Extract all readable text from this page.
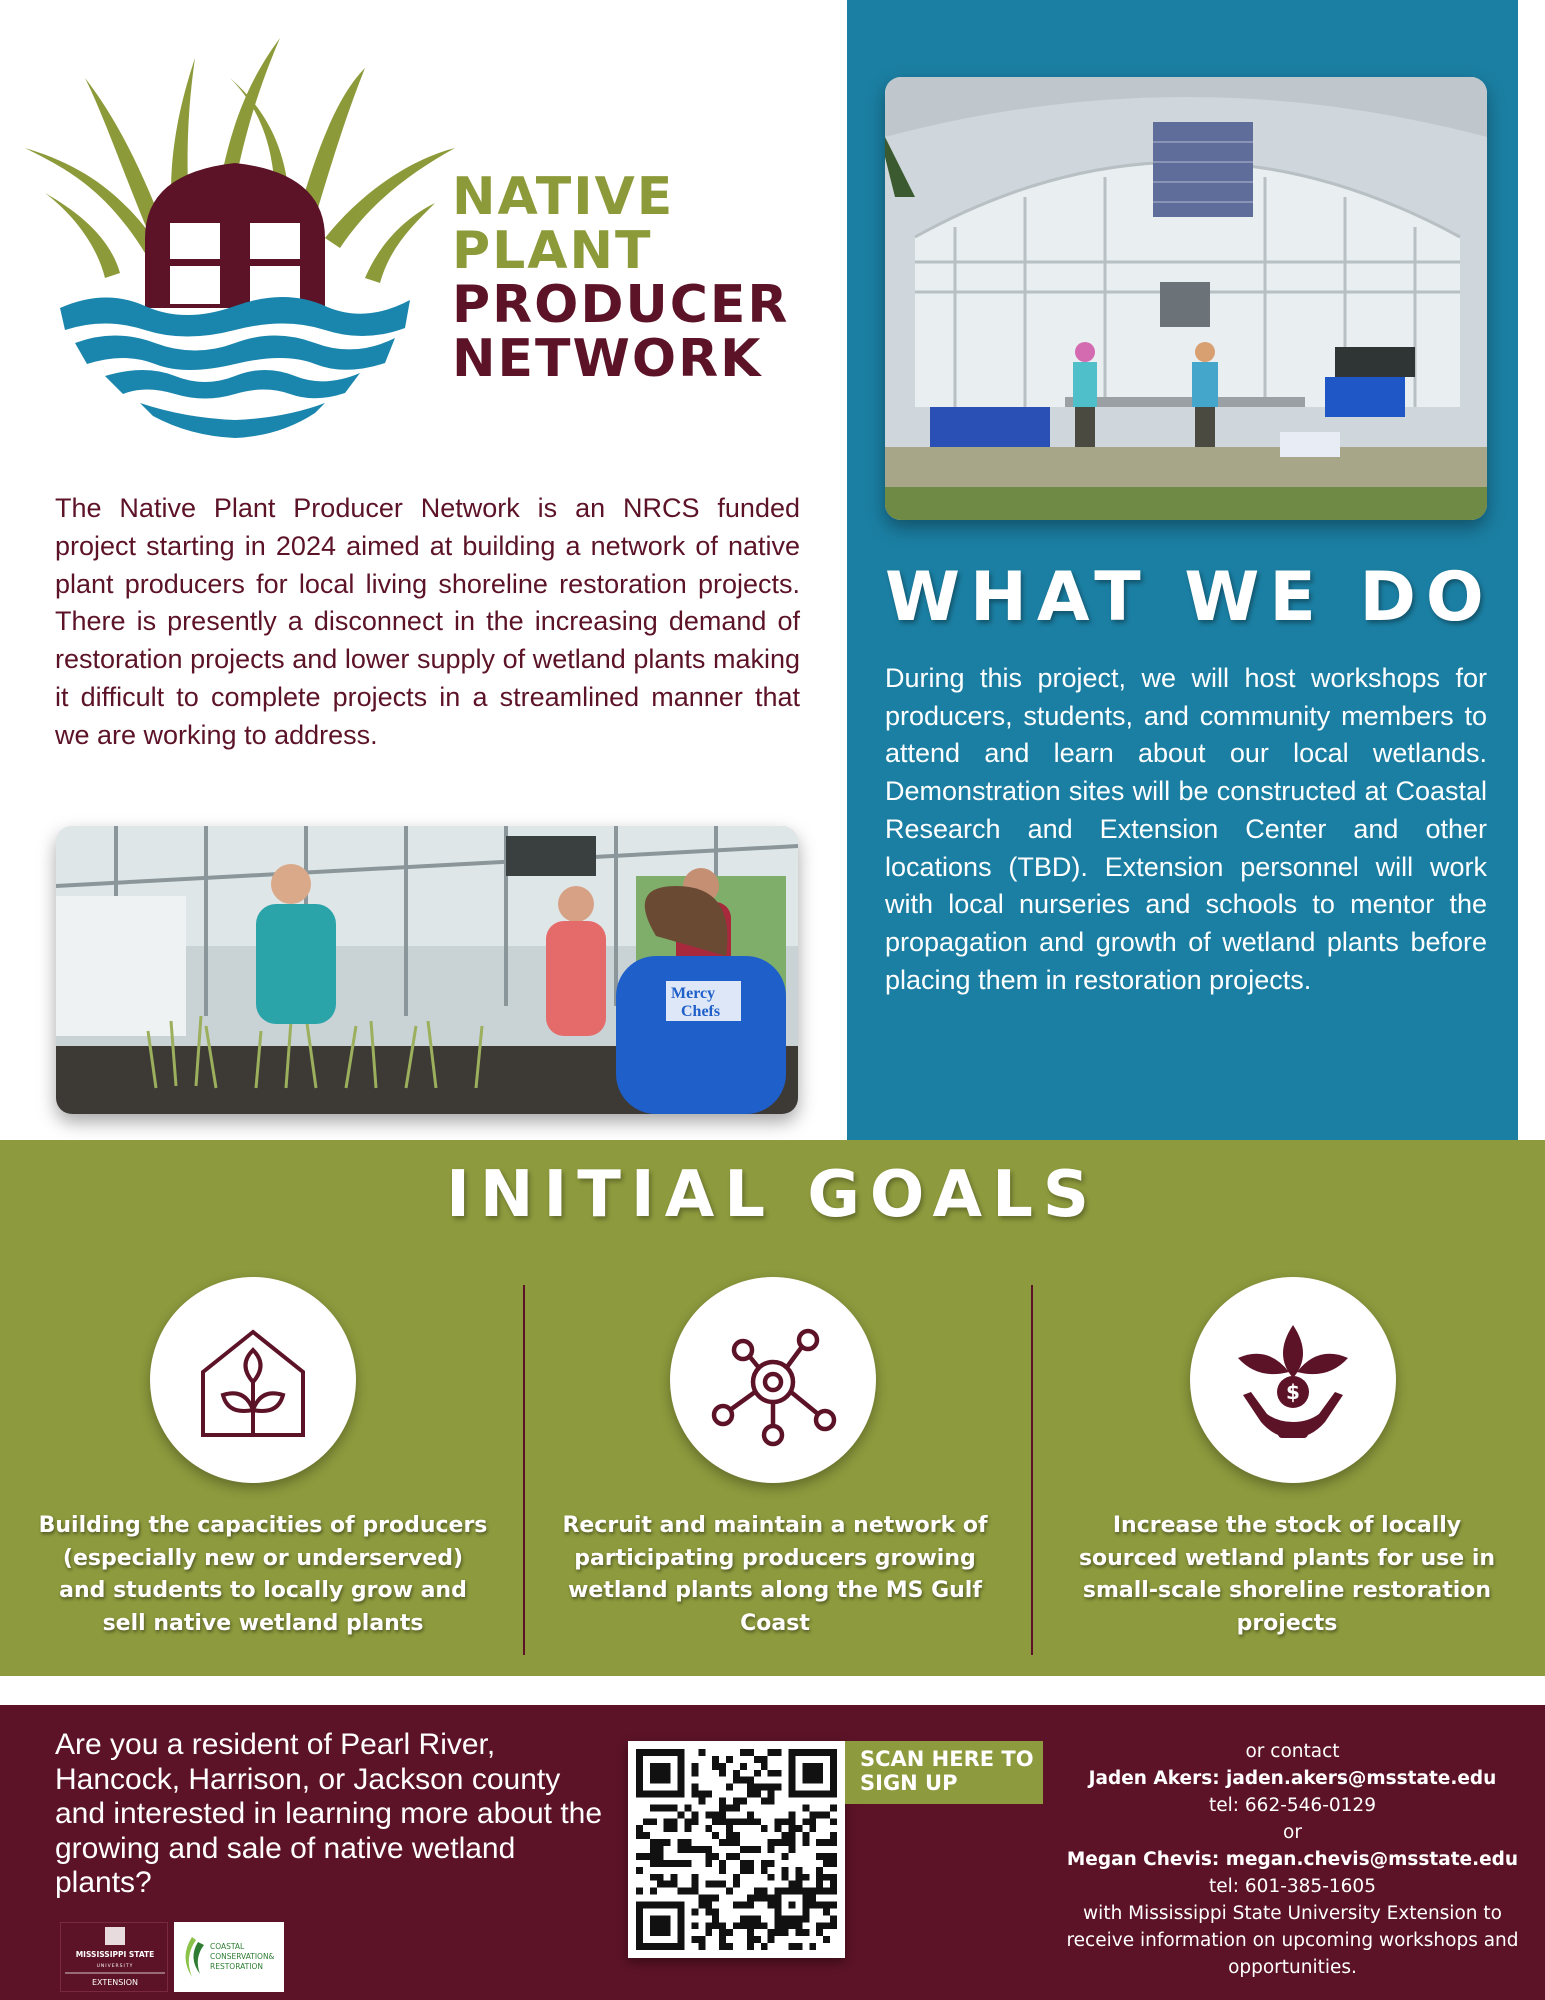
NATIVE
PLANT
PRODUCER
NETWORK

The Native Plant Producer Network is an NRCS funded project starting in 2024 aimed at building a network of native plant producers for local living shoreline restoration projects. There is presently a disconnect in the increasing demand of restoration projects and lower supply of wetland plants making it difficult to complete projects in a streamlined manner that we are working to address.

Mercy
Chefs
WHAT WE DO

During this project, we will host workshops for producers, students, and community members to attend and learn about our local wetlands. Demonstration sites will be constructed at Coastal Research and Extension Center and other locations (TBD). Extension personnel will work with local nurseries and schools to mentor the propagation and growth of wetland plants before placing them in restoration projects.

INITIAL GOALS
$

Building the capacities of producers (especially new or underserved) and students to locally grow and sell native wetland plants

Recruit and maintain a network of participating producers growing wetland plants along the MS Gulf Coast

Increase the stock of locally sourced wetland plants for use in small-scale shoreline restoration projects

Are you a resident of Pearl River, Hancock, Harrison, or Jackson county and interested in learning more about the growing and sale of native wetland plants?

SCAN HERE TO SIGN UP
or contact
Jaden Akers: jaden.akers@msstate.edu
tel: 662-546-0129
or
Megan Chevis: megan.chevis@msstate.edu
tel: 601-385-1605
with Mississippi State University Extension to receive information on upcoming workshops and opportunities.
MISSISSIPPI STATE
UNIVERSITY
EXTENSION
COASTAL
CONSERVATION&
RESTORATION
